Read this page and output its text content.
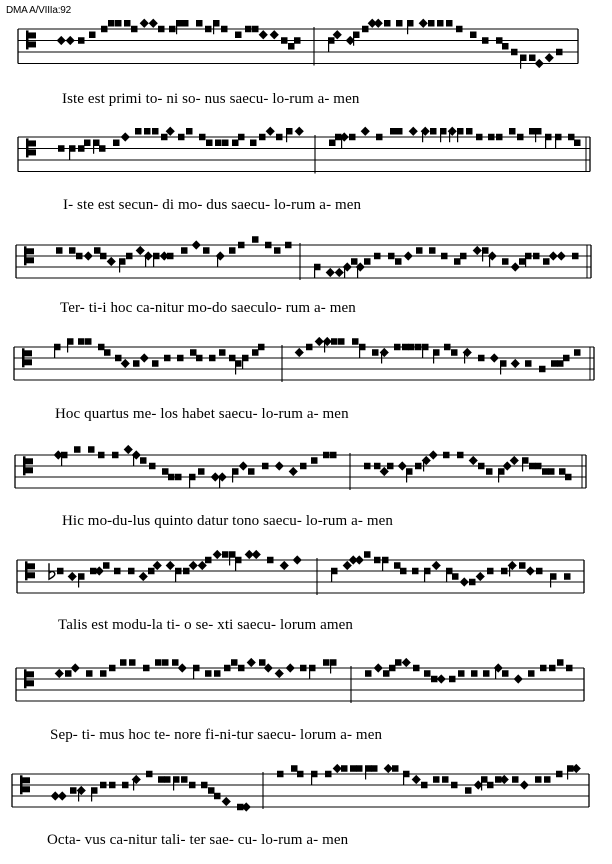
DMA A/VIIIa:92
Iste est primi to- ni so- nus saecu- lo-rum a- men
I- ste est secun- di mo- dus saecu- lo-rum a- men
Ter- ti-i hoc ca-nitur mo-do saeculo- rum a- men
Hoc quartus me- los habet saecu- lo-rum a- men
Hic mo-du-lus quinto datur tono saecu- lo-rum a- men
Talis est modu-la ti- o se- xti saecu- lorum amen
Sep- ti- mus hoc te- nore fi-ni-tur saecu- lorum a- men
Octa- vus ca-nitur tali- ter sae- cu- lo-rum a- men
